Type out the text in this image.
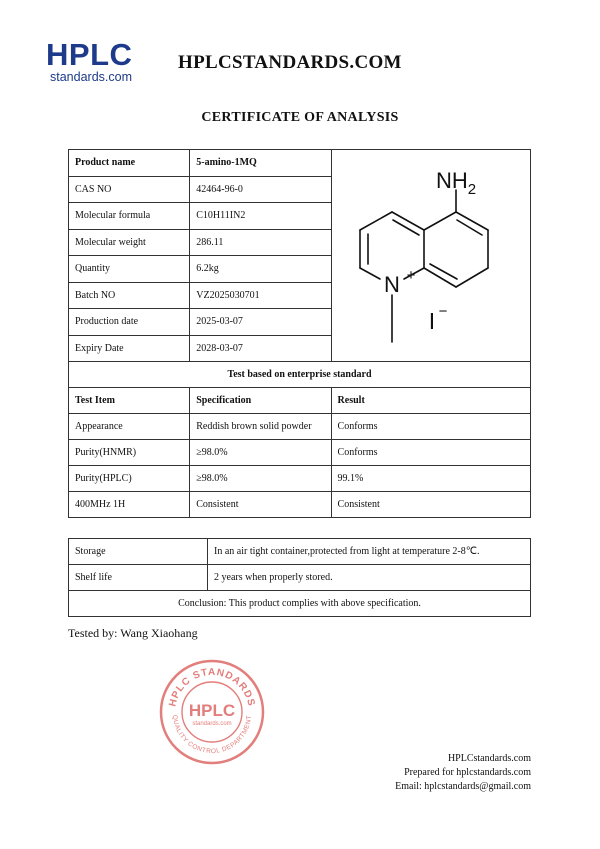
HPLC
standards.com
HPLCSTANDARDS.COM
CERTIFICATE OF ANALYSIS
Product name	5-amino-1MQ	$NH_2$
N +
I −

CAS NO	42464-96-0	
Molecular formula	C10H11IN2	
Molecular weight	286.11	
Quantity	6.2kg	
Batch NO	VZ2025030701	
Production date	2025-03-07	
Expiry Date	2028-03-07	
Test based on enterprise standard		
Test Item	Specification	Result
Appearance	Reddish brown solid powder	Conforms
Purity(HNMR)	≥98.0%	Conforms
Purity(HPLC)	≥98.0%	99.1%
400MHz 1H	Consistent	Consistent
Storage	In an air tight container,protected from light at temperature 2-8℃.
Shelf life	2 years when properly stored.
Conclusion: This product complies with above specification.	
Tested by: Wang Xiaohang
HPLC STANDARDS
QUALITY CONTROL DEPARTMENT
HPLC
standards.com
HPLCstandards.com
Prepared for hplcstandards.com
Email: hplcstandards@gmail.com
